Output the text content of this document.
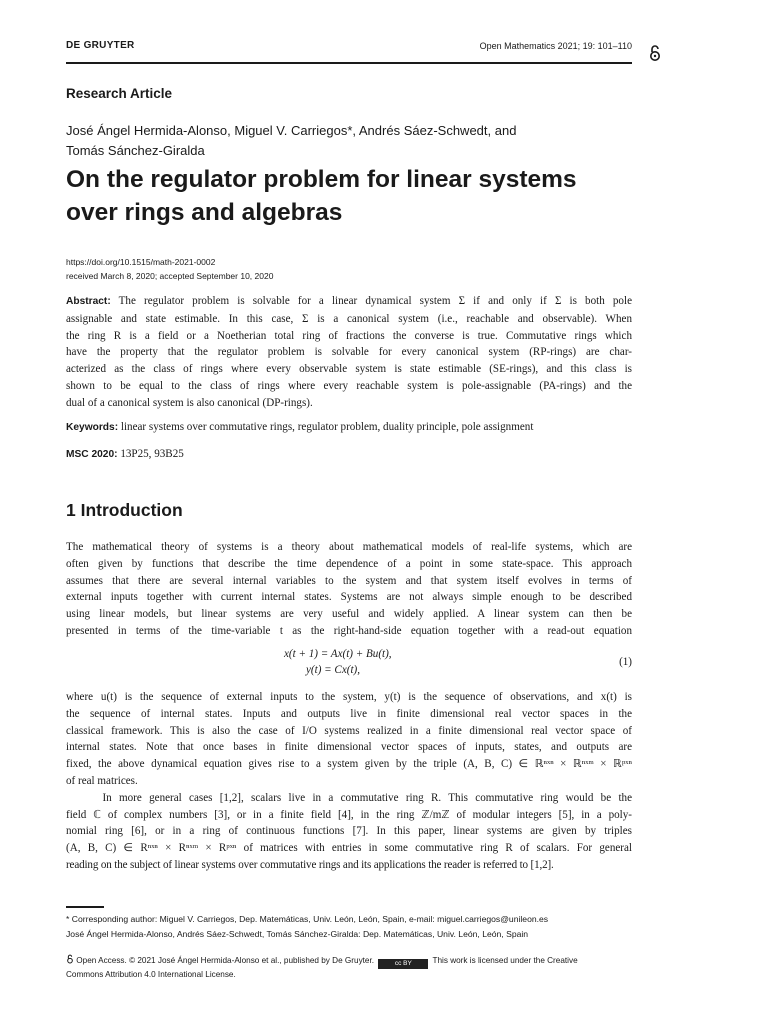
DE GRUYTER	Open Mathematics 2021; 19: 101–110
Research Article
José Ángel Hermida-Alonso, Miguel V. Carriegos*, Andrés Sáez-Schwedt, and
Tomás Sánchez-Giralda
On the regulator problem for linear systems
over rings and algebras
https://doi.org/10.1515/math-2021-0002
received March 8, 2020; accepted September 10, 2020
Abstract: The regulator problem is solvable for a linear dynamical system Σ if and only if Σ is both pole
assignable and state estimable. In this case, Σ is a canonical system (i.e., reachable and observable). When
the ring R is a field or a Noetherian total ring of fractions the converse is true. Commutative rings which
have the property that the regulator problem is solvable for every canonical system (RP-rings) are char-
acterized as the class of rings where every observable system is state estimable (SE-rings), and this class is
shown to be equal to the class of rings where every reachable system is pole-assignable (PA-rings) and the
dual of a canonical system is also canonical (DP-rings).
Keywords: linear systems over commutative rings, regulator problem, duality principle, pole assignment
MSC 2020: 13P25, 93B25
1 Introduction
The mathematical theory of systems is a theory about mathematical models of real-life systems, which are
often given by functions that describe the time dependence of a point in some state-space. This approach
assumes that there are several internal variables to the system and that system itself evolves in terms of
external inputs together with current internal states. Systems are not always simple enough to be described
using linear models, but linear systems are very useful and widely applied. A linear system can then be
presented in terms of the time-variable t as the right-hand-side equation together with a read-out equation
x(t + 1) = Ax(t) + Bu(t),
y(t) = Cx(t),
(1)
where u(t) is the sequence of external inputs to the system, y(t) is the sequence of observations, and x(t) is
the sequence of internal states. Inputs and outputs live in finite dimensional real vector spaces in the
classical framework. This is also the case of I/O systems realized in a finite dimensional real vector space of
internal states. Note that once bases in finite dimensional vector spaces of inputs, states, and outputs are
fixed, the above dynamical equation gives rise to a system given by the triple (A, B, C) ∈ ℝⁿˣⁿ × ℝⁿˣᵐ × ℝᵖˣⁿ
of real matrices.
In more general cases [1,2], scalars live in a commutative ring R. This commutative ring would be the
field ℂ of complex numbers [3], or in a finite field [4], in the ring ℤ/mℤ of modular integers [5], in a poly-
nomial ring [6], or in a ring of continuous functions [7]. In this paper, linear systems are given by triples
(A, B, C) ∈ Rⁿˣⁿ × Rⁿˣᵐ × Rᵖˣⁿ of matrices with entries in some commutative ring R of scalars. For general
reading on the subject of linear systems over commutative rings and its applications the reader is referred to [1,2].
* Corresponding author: Miguel V. Carriegos, Dep. Matemáticas, Univ. León, León, Spain, e-mail: miguel.carriegos@unileon.es
José Ángel Hermida-Alonso, Andrés Sáez-Schwedt, Tomás Sánchez-Giralda: Dep. Matemáticas, Univ. León, León, Spain
Open Access. © 2021 José Ángel Hermida-Alonso et al., published by De Gruyter.	cc BY	This work is licensed under the Creative
Commons Attribution 4.0 International License.
